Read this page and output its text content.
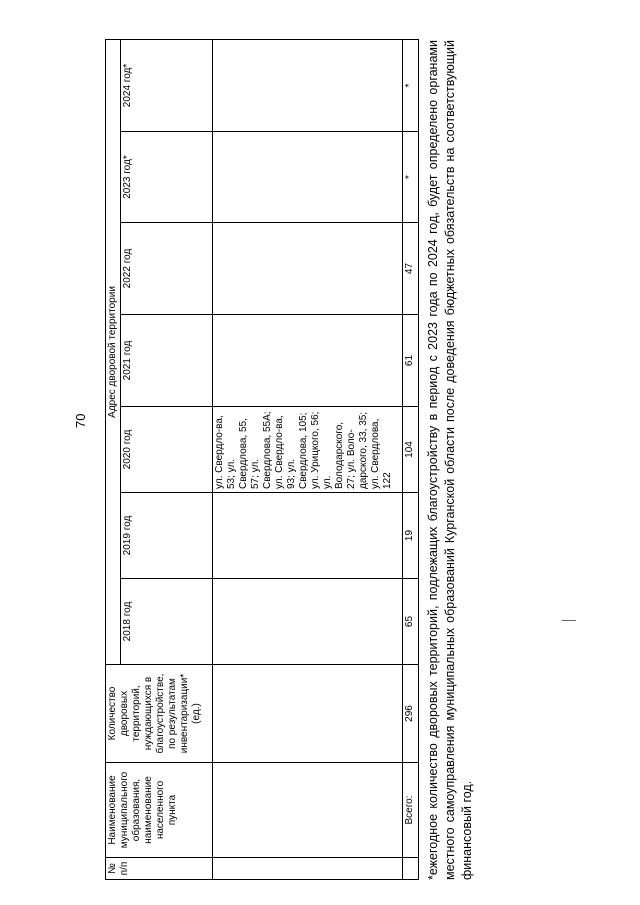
70
№ п/п	Наименование муниципального образования, наименование населенного пункта	Количество дворовых территорий, нуждающихся в благоустройстве, по результатам инвентаризации* (ед.)	Адрес дворовой территории						
			2018 год	2019 год	2020 год	2021 год	2022 год	2023 год*	2024 год*
					ул. Свердло-ва, 53; ул. Свердлова, 55, 57; ул. Свердлова, 55А; ул. Свердло-ва, 93; ул. Свердлова, 105; ул. Урицкого, 56; ул. Володарского, 27; ул. Воло-дарского, 33, 35; ул. Свердлова, 122				
	Всего:	296	65	19	104	61	47	*	* *ежегодное количество дворовых территорий, подлежащих благоустройству в период с 2023 года по 2024 год, будет определено органами местного самоуправления муниципальных образований Курганской области после доведения бюджетных обязательств на соответствующий финансовый год.
